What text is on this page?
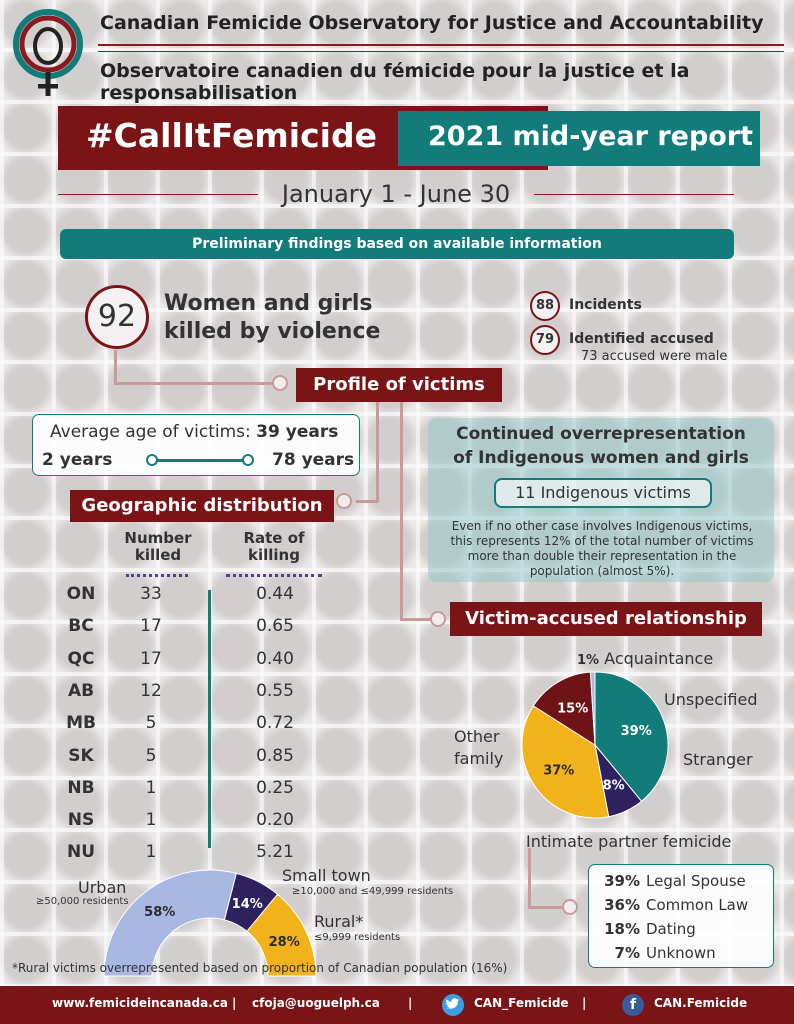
Canadian Femicide Observatory for Justice and Accountability
Observatoire canadien du fémicide pour la justice et la responsabilisation
#CallItFemicide 2021 mid-year report
January 1 - June 30
Preliminary findings based on available information
92	Women and girls
killed by violence
88	Incidents
79	Identified accused
73 accused were male
Profile of victims
Average age of victims: 39 years
2 years	78 years
Continued overrepresentation
of Indigenous women and girls
11 Indigenous victims
Even if no other case involves Indigenous victims, this represents 12% of the total number of victims more than double their representation in the population (almost 5%).
Geographic distribution
Number
killed
Rate of
killing
ON	33	0.44
BC	17	0.65
QC	17	0.40
AB	12	0.55
MB	5	0.72
SK	5	0.85
NB	1	0.25
NS	1	0.20
NU	1	5.21
58%
14%
28%
Urban
≥50,000 residents
Small town
≥10,000 and ≤49,999 residents
Rural*
≤9,999 residents
*Rural victims overrepresented based on proportion of Canadian population (16%)
Victim-accused relationship
39%
8%
37%
15%
1% Acquaintance
Unspecified
Other
family	Stranger
Intimate partner femicide
39% Legal Spouse
36% Common Law
18% Dating
7% Unknown
www.femicideincanada.ca | cfoja@uoguelph.ca |	CAN_Femicide |	f	CAN.Femicide
